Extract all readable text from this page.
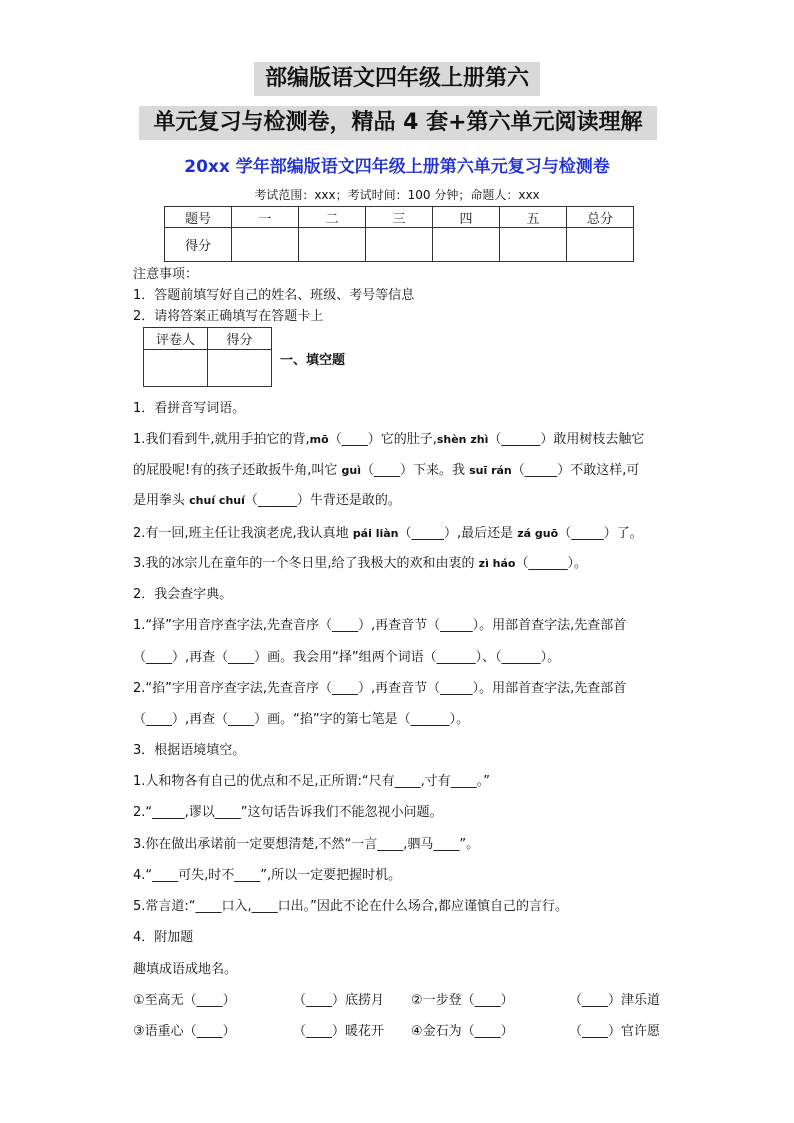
部编版语文四年级上册第六
单元复习与检测卷，精品 4 套+第六单元阅读理解
20xx 学年部编版语文四年级上册第六单元复习与检测卷
考试范围：xxx；考试时间：100 分钟；命题人：xxx
题号	一	二	三	四	五	总分
得分						
注意事项：
1．答题前填写好自己的姓名、班级、考号等信息
2．请将答案正确填写在答题卡上
评卷人	得分

一、填空题
1．看拼音写词语。
1.我们看到牛,就用手拍它的背,mō（____）它的肚子,shèn zhì（______）敢用树枝去触它
的屁股呢!有的孩子还敢扳牛角,叫它 guì（____）下来。我 suī rán（_____）不敢这样,可
是用拳头 chuí chuí（______）牛背还是敢的。
2.有一回,班主任让我演老虎,我认真地 pái liàn（_____）,最后还是 zá guō（_____）了。
3.我的冰宗儿在童年的一个冬日里,给了我极大的欢和由衷的 zì háo（______）。
2．我会查字典。
1.“择”字用音序查字法,先查音序（____）,再查音节（_____）。用部首查字法,先查部首
（____）,再查（____）画。我会用“择”组两个词语（______）、（______）。
2.“掐”字用音序查字法,先查音序（____）,再查音节（_____）。用部首查字法,先查部首
（____）,再查（____）画。“掐”字的第七笔是（______）。
3．根据语境填空。
1.人和物各有自己的优点和不足,正所谓:“尺有____,寸有____。”
2.“_____,谬以____”这句话告诉我们不能忽视小问题。
3.你在做出承诺前一定要想清楚,不然“一言____,驷马____”。
4.“____可失,时不____”,所以一定要把握时机。
5.常言道:“____口入,____口出。”因此不论在什么场合,都应谨慎自己的言行。
4．附加题
趣填成语成地名。
①至高无（____）	（____）底捞月 ②一步登（____）	（____）津乐道
③语重心（____）	（____）暖花开 ④金石为（____）	（____）官许愿
